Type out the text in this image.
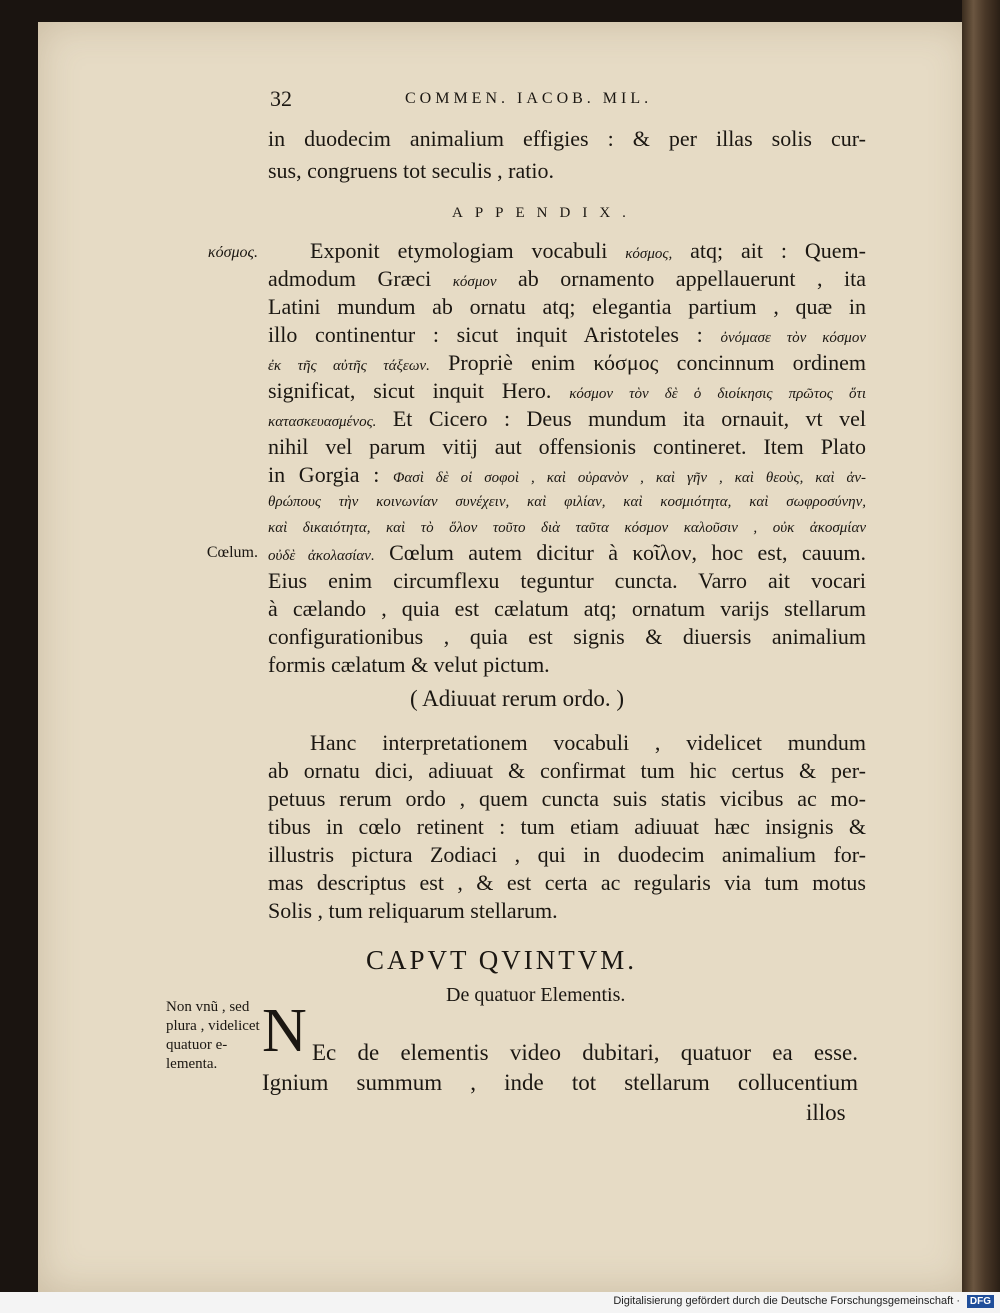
32	COMMEN. IACOB. MIL.
in duodecim animalium effigies : & per illas solis cur-
sus, congruens tot seculis , ratio.
APPENDIX.
κόσμος.
Cœlum.
Non vnũ , sed plura , videlicet quatuor e- lementa.
Exponit etymologiam vocabuli κόσμος, atq; ait : Quem-
admodum Græci κόσμον ab ornamento appellauerunt , ita
Latini mundum ab ornatu atq; elegantia partium , quæ in
illo continentur : sicut inquit Aristoteles : ὀνόμασε τὸν κόσμον
ἐκ τῆς αὐτῆς τάξεων. Propriè enim κόσμος concinnum ordinem
significat, sicut inquit Hero. κόσμον τὸν δὲ ὁ διοίκησις πρῶτος ὅτι
κατασκευασμένος. Et Cicero : Deus mundum ita ornauit, vt vel
nihil vel parum vitij aut offensionis contineret. Item Plato
in Gorgia : Φασὶ δὲ οἱ σοφοὶ , καὶ οὐρανὸν , καὶ γῆν , καὶ θεοὺς, καὶ ἀν-
θρώπους τὴν κοινωνίαν συνέχειν, καὶ φιλίαν, καὶ κοσμιότητα, καὶ σωφροσύνην,
καὶ δικαιότητα, καὶ τὸ ὅλον τοῦτο διὰ ταῦτα κόσμον καλοῦσιν , οὐκ ἀκοσμίαν
οὐδὲ ἀκολασίαν. Cœlum autem dicitur à κοῖλον, hoc est, cauum.
Eius enim circumflexu teguntur cuncta. Varro ait vocari
à cælando , quia est cælatum atq; ornatum varijs stellarum
configurationibus , quia est signis & diuersis animalium
formis cælatum & velut pictum.
( Adiuuat rerum ordo. )
Hanc interpretationem vocabuli , videlicet mundum
ab ornatu dici, adiuuat & confirmat tum hic certus & per-
petuus rerum ordo , quem cuncta suis statis vicibus ac mo-
tibus in cœlo retinent : tum etiam adiuuat hæc insignis &
illustris pictura Zodiaci , qui in duodecim animalium for-
mas descriptus est , & est certa ac regularis via tum motus
Solis , tum reliquarum stellarum.
CAPVT QVINTVM.
De quatuor Elementis.
N Ec de elementis video dubitari, quatuor ea esse.
Ignium summum , inde tot stellarum collucentium
illos
Digitalisierung gefördert durch die Deutsche Forschungsgemeinschaft · DFG
